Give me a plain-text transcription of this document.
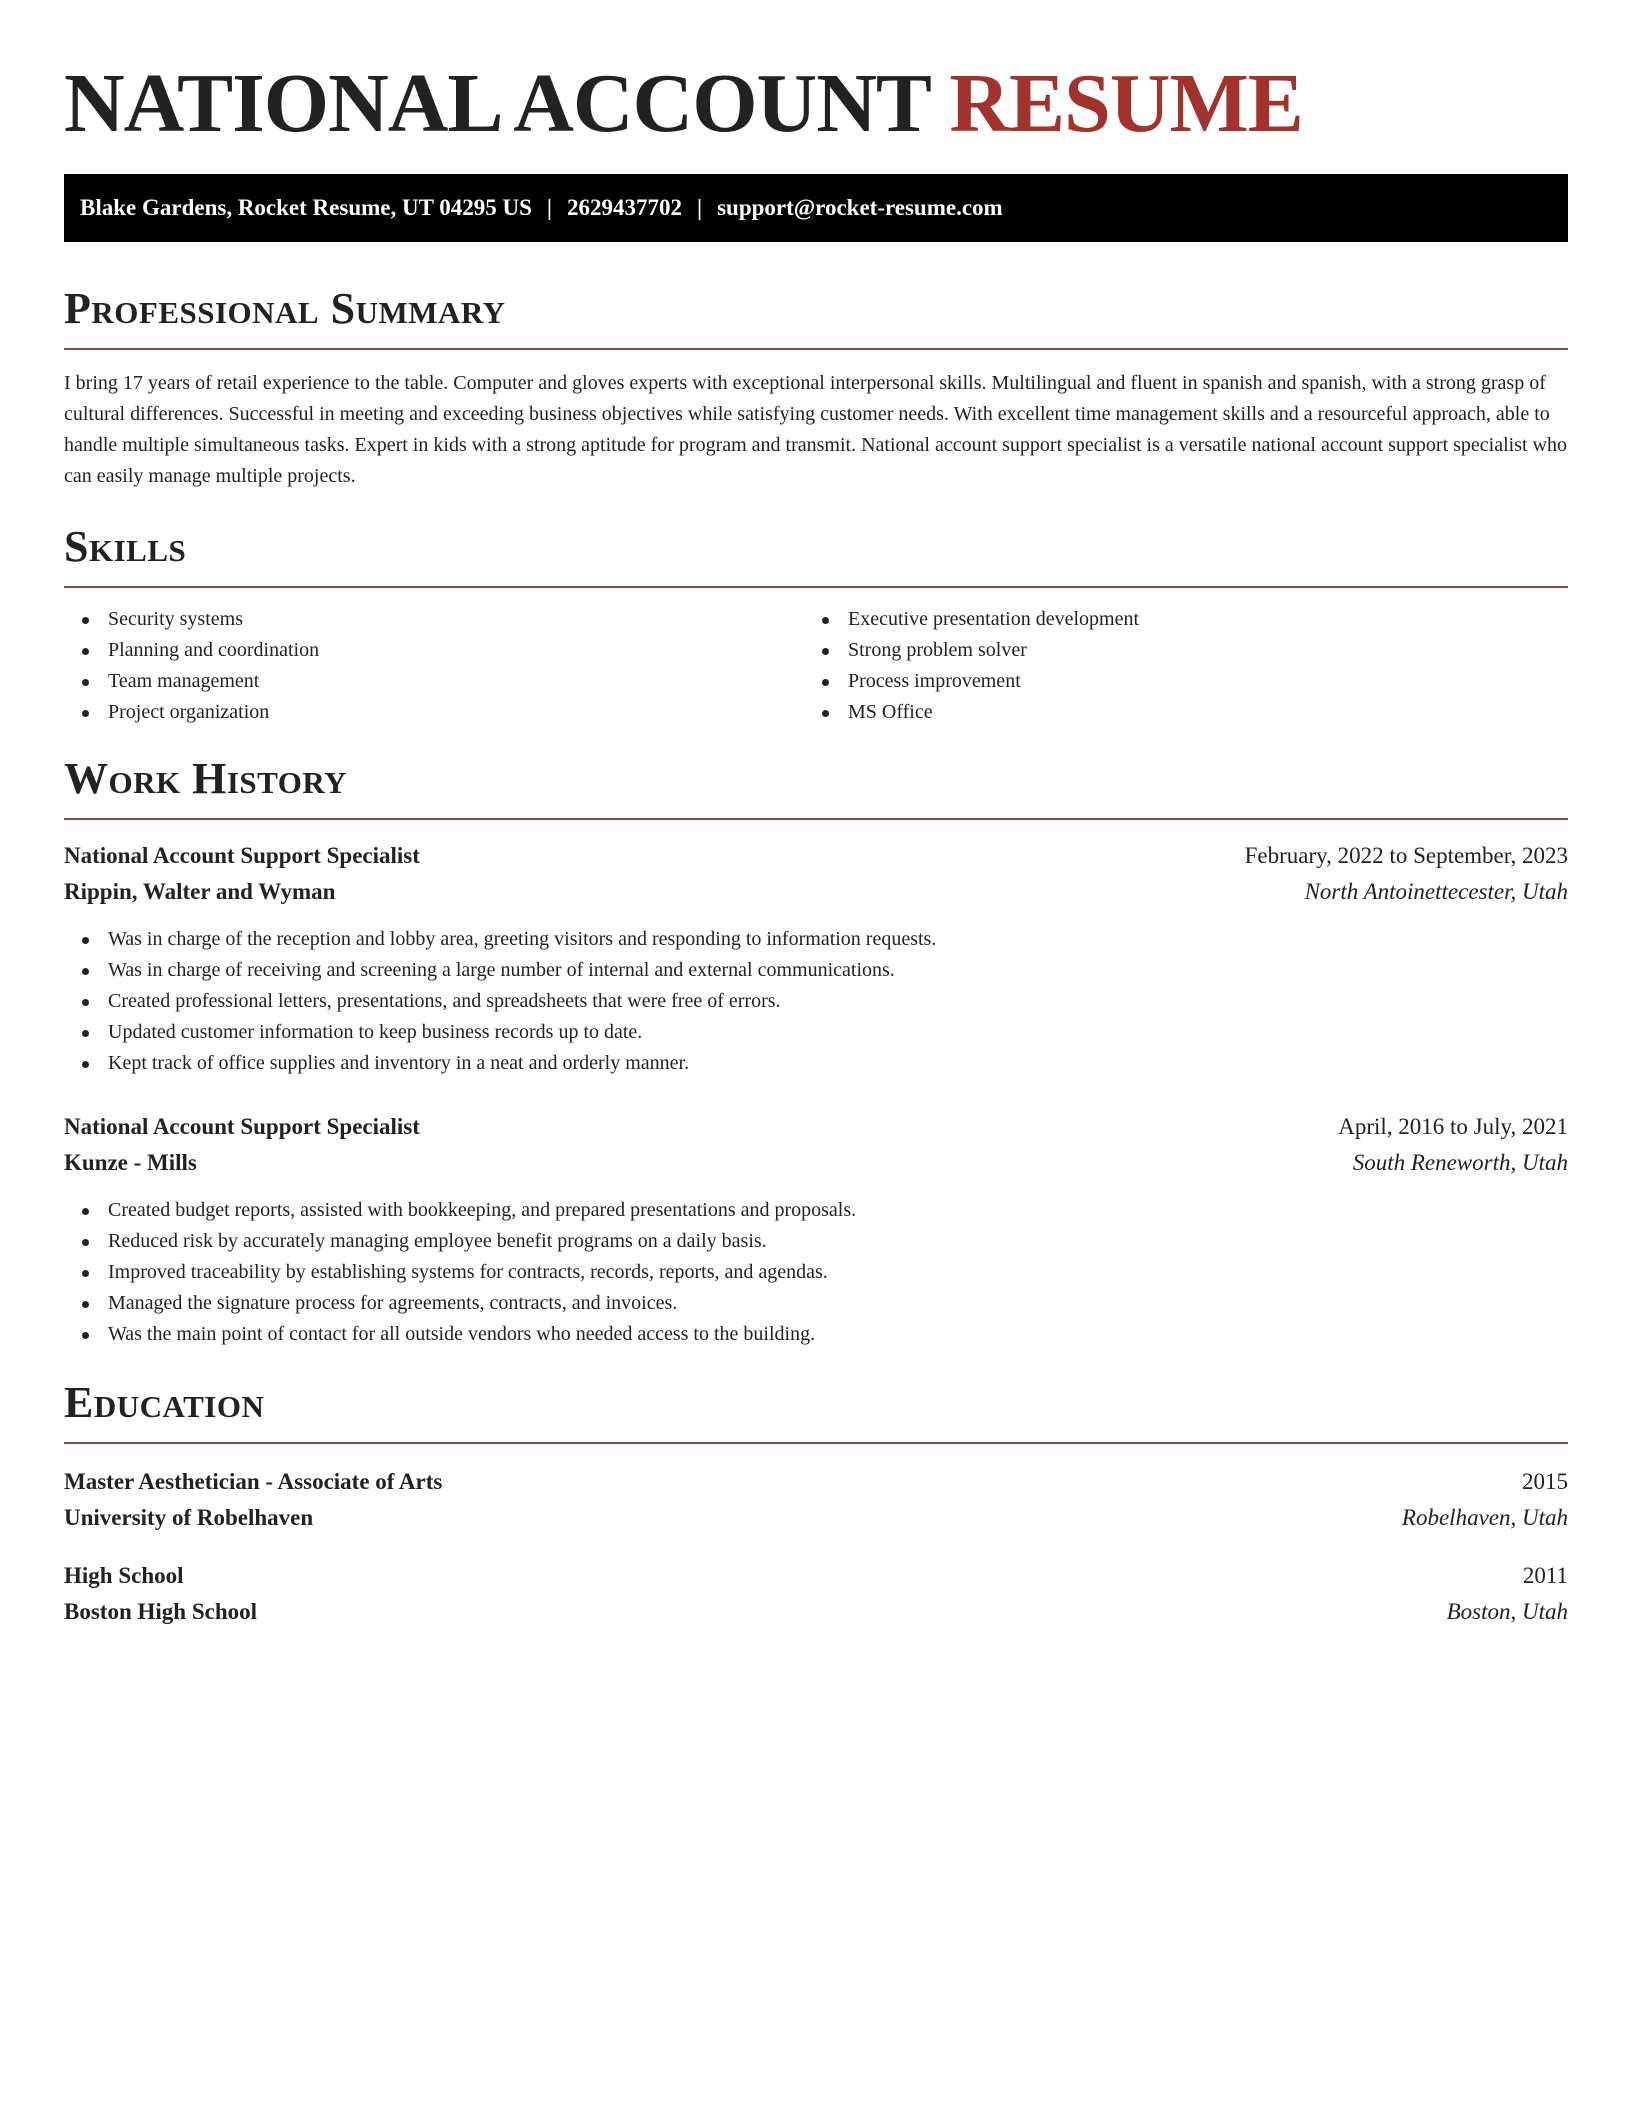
NATIONAL ACCOUNT RESUME
Blake Gardens, Rocket Resume, UT 04295 US | 2629437702 | support@rocket-resume.com
Professional Summary

I bring 17 years of retail experience to the table. Computer and gloves experts with exceptional interpersonal skills. Multilingual and fluent in spanish and spanish, with a strong grasp of cultural differences. Successful in meeting and exceeding business objectives while satisfying customer needs. With excellent time management skills and a resourceful approach, able to handle multiple simultaneous tasks. Expert in kids with a strong aptitude for program and transmit. National account support specialist is a versatile national account support specialist who can easily manage multiple projects.

Skills
Security systems
Planning and coordination
Team management
Project organization
Executive presentation development
Strong problem solver
Process improvement
MS Office
Work History
National Account Support Specialist	February, 2022 to September, 2023
Rippin, Walter and Wyman	North Antoinettecester, Utah
Was in charge of the reception and lobby area, greeting visitors and responding to information requests.
Was in charge of receiving and screening a large number of internal and external communications.
Created professional letters, presentations, and spreadsheets that were free of errors.
Updated customer information to keep business records up to date.
Kept track of office supplies and inventory in a neat and orderly manner.
National Account Support Specialist	April, 2016 to July, 2021
Kunze - Mills	South Reneworth, Utah
Created budget reports, assisted with bookkeeping, and prepared presentations and proposals.
Reduced risk by accurately managing employee benefit programs on a daily basis.
Improved traceability by establishing systems for contracts, records, reports, and agendas.
Managed the signature process for agreements, contracts, and invoices.
Was the main point of contact for all outside vendors who needed access to the building.
Education
Master Aesthetician - Associate of Arts	2015
University of Robelhaven	Robelhaven, Utah
High School	2011
Boston High School	Boston, Utah
